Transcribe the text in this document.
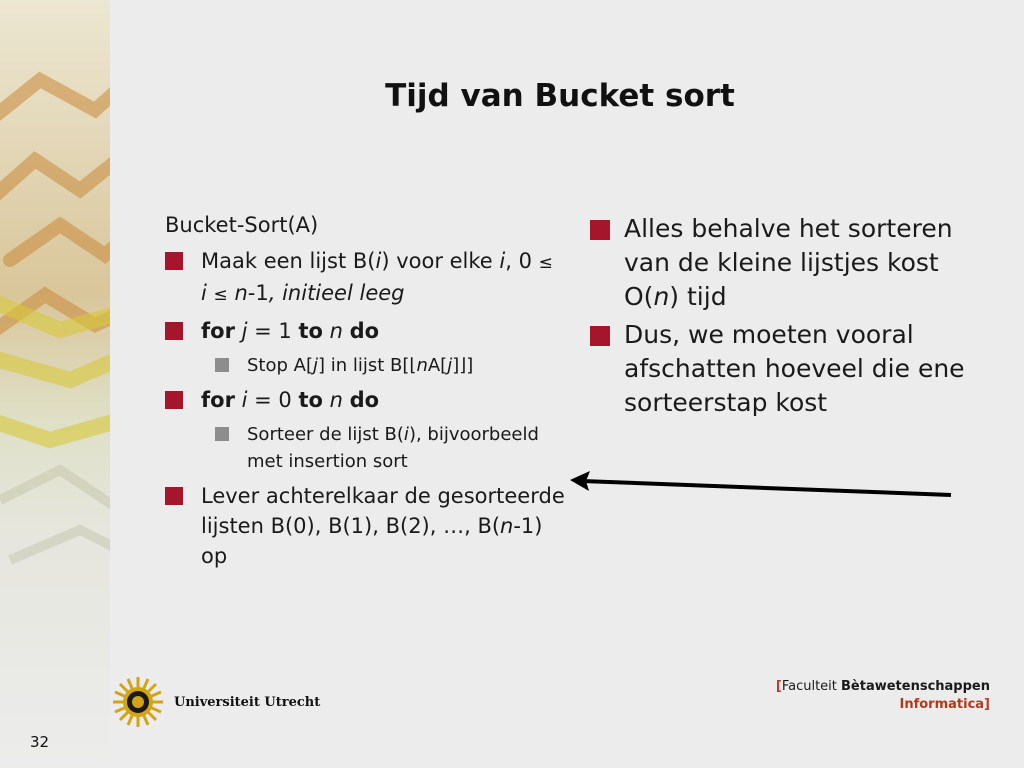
Tijd van Bucket sort
Bucket-Sort(A)
Maak een lijst B(i) voor elke i, 0 ≤ i ≤ n-1, initieel leeg
for j = 1 to n do
Stop A[j] in lijst B[⌊nA[j]⌋]
for i = 0 to n do
Sorteer de lijst B(i), bijvoorbeeld met insertion sort
Lever achterelkaar de gesorteerde lijsten B(0), B(1), B(2), …, B(n-1) op
Alles behalve het sorteren van de kleine lijstjes kost O(n) tijd
Dus, we moeten vooral afschatten hoeveel die ene sorteerstap kost
Universiteit Utrecht
[Faculteit Bètawetenschappen
Informatica]
32
